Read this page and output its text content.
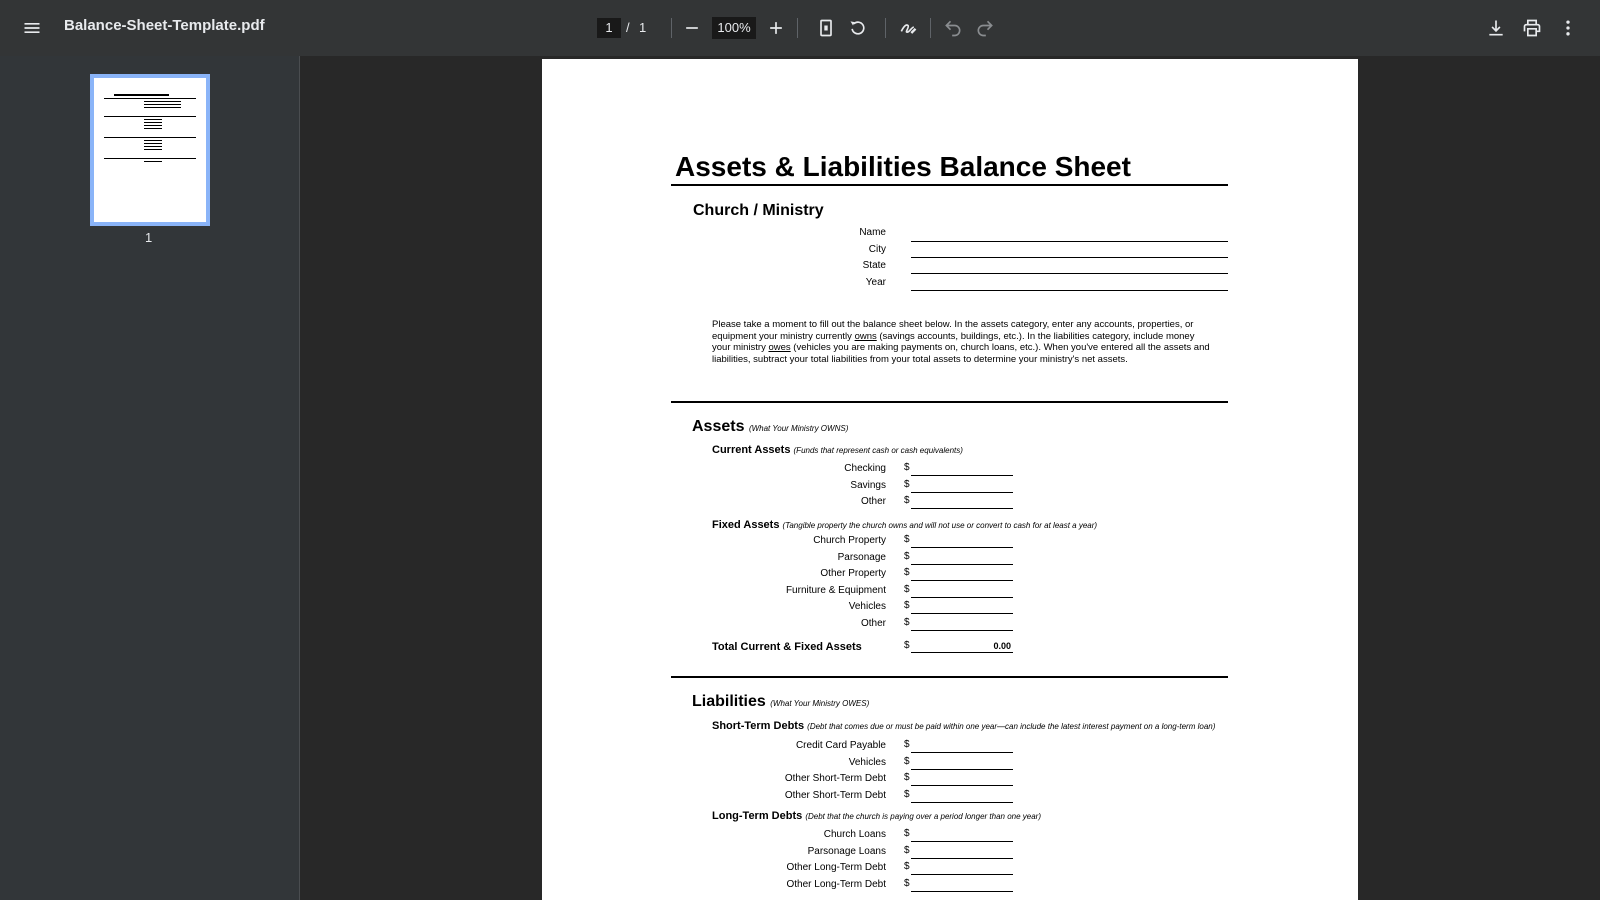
Balance-Sheet-Template.pdf	1	/ 1	100%
1
Assets & Liabilities Balance Sheet
Church / Ministry
Name
City
State
Year
Please take a moment to fill out the balance sheet below. In the assets category, enter any accounts, properties, or equipment your ministry currently owns (savings accounts, buildings, etc.). In the liabilities category, include money your ministry owes (vehicles you are making payments on, church loans, etc.). When you've entered all the assets and liabilities, subtract your total liabilities from your total assets to determine your ministry's net assets.
Assets (What Your Ministry OWNS)
Current Assets (Funds that represent cash or cash equivalents)
Checking $
Savings $
Other $
Fixed Assets (Tangible property the church owns and will not use or convert to cash for at least a year)
Church Property $
Parsonage $
Other Property $
Furniture & Equipment $
Vehicles $
Other $
Total Current & Fixed Assets	$	0.00
Liabilities (What Your Ministry OWES)
Short-Term Debts (Debt that comes due or must be paid within one year—can include the latest interest payment on a long-term loan)
Credit Card Payable $
Vehicles $
Other Short-Term Debt $
Other Short-Term Debt $
Long-Term Debts (Debt that the church is paying over a period longer than one year)
Church Loans $
Parsonage Loans $
Other Long-Term Debt $
Other Long-Term Debt $
